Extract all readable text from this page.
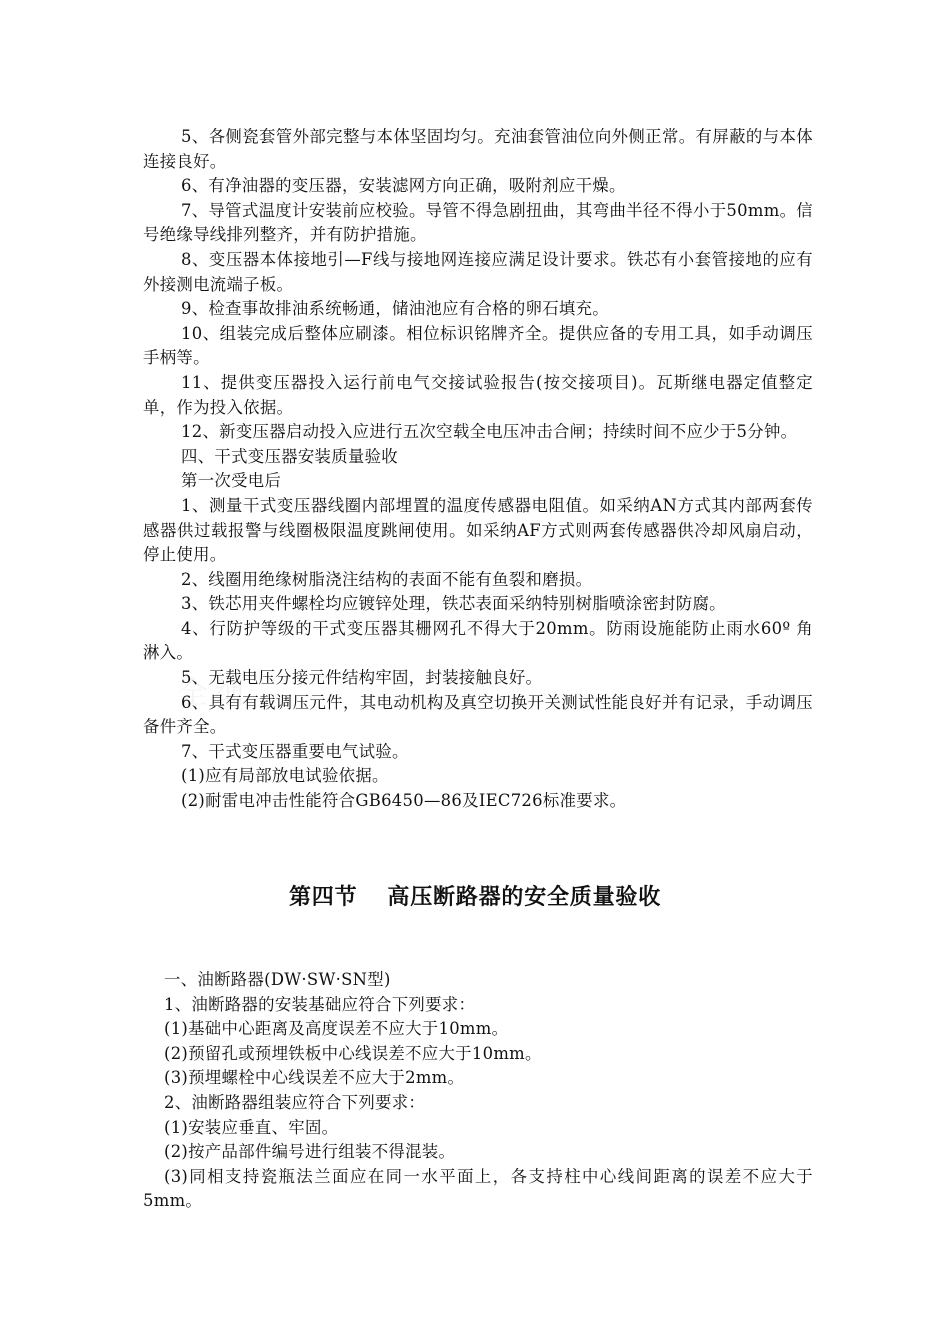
5、各侧瓷套管外部完整与本体坚固均匀。充油套管油位向外侧正常。有屏蔽的与本体连接良好。

6、有净油器的变压器，安装滤网方向正确，吸附剂应干燥。

7、导管式温度计安装前应校验。导管不得急剧扭曲，其弯曲半径不得小于50mm。信号绝缘导线排列整齐，并有防护措施。

8、变压器本体接地引—F线与接地网连接应满足设计要求。铁芯有小套管接地的应有外接测电流端子板。

9、检查事故排油系统畅通，储油池应有合格的卵石填充。

10、组装完成后整体应刷漆。相位标识铭牌齐全。提供应备的专用工具，如手动调压手柄等。

11、提供变压器投入运行前电气交接试验报告(按交接项目)。瓦斯继电器定值整定单，作为投入依据。

12、新变压器启动投入应进行五次空载全电压冲击合闸；持续时间不应少于5分钟。

四、干式变压器安装质量验收

第一次受电后

1、测量干式变压器线圈内部埋置的温度传感器电阻值。如采纳AN方式其内部两套传感器供过载报警与线圈极限温度跳闸使用。如采纳AF方式则两套传感器供冷却风扇启动，停止使用。

2、线圈用绝缘树脂浇注结构的表面不能有鱼裂和磨损。

3、铁芯用夹件螺栓均应镀锌处理，铁芯表面采纳特别树脂喷涂密封防腐。

4、行防护等级的干式变压器其栅网孔不得大于20mm。防雨设施能防止雨水60º 角淋入。

5、无载电压分接元件结构牢固，封装接触良好。

6、具有有载调压元件，其电动机构及真空切换开关测试性能良好并有记录，手动调压备件齐全。

7、干式变压器重要电气试验。

(1)应有局部放电试验依据。

(2)耐雷电冲击性能符合GB6450—86及IEC726标准要求。

第四节 高压断路器的安全质量验收

一、油断路器(DW·SW·SN型)

1、油断路器的安装基础应符合下列要求：

(1)基础中心距离及高度误差不应大于10mm。

(2)预留孔或预埋铁板中心线误差不应大于10mm。

(3)预埋螺栓中心线误差不应大于2mm。

2、油断路器组装应符合下列要求：

(1)安装应垂直、牢固。

(2)按产品部件编号进行组装不得混装。

(3)同相支持瓷瓶法兰面应在同一水平面上，各支持柱中心线间距离的误差不应大于5mm。
